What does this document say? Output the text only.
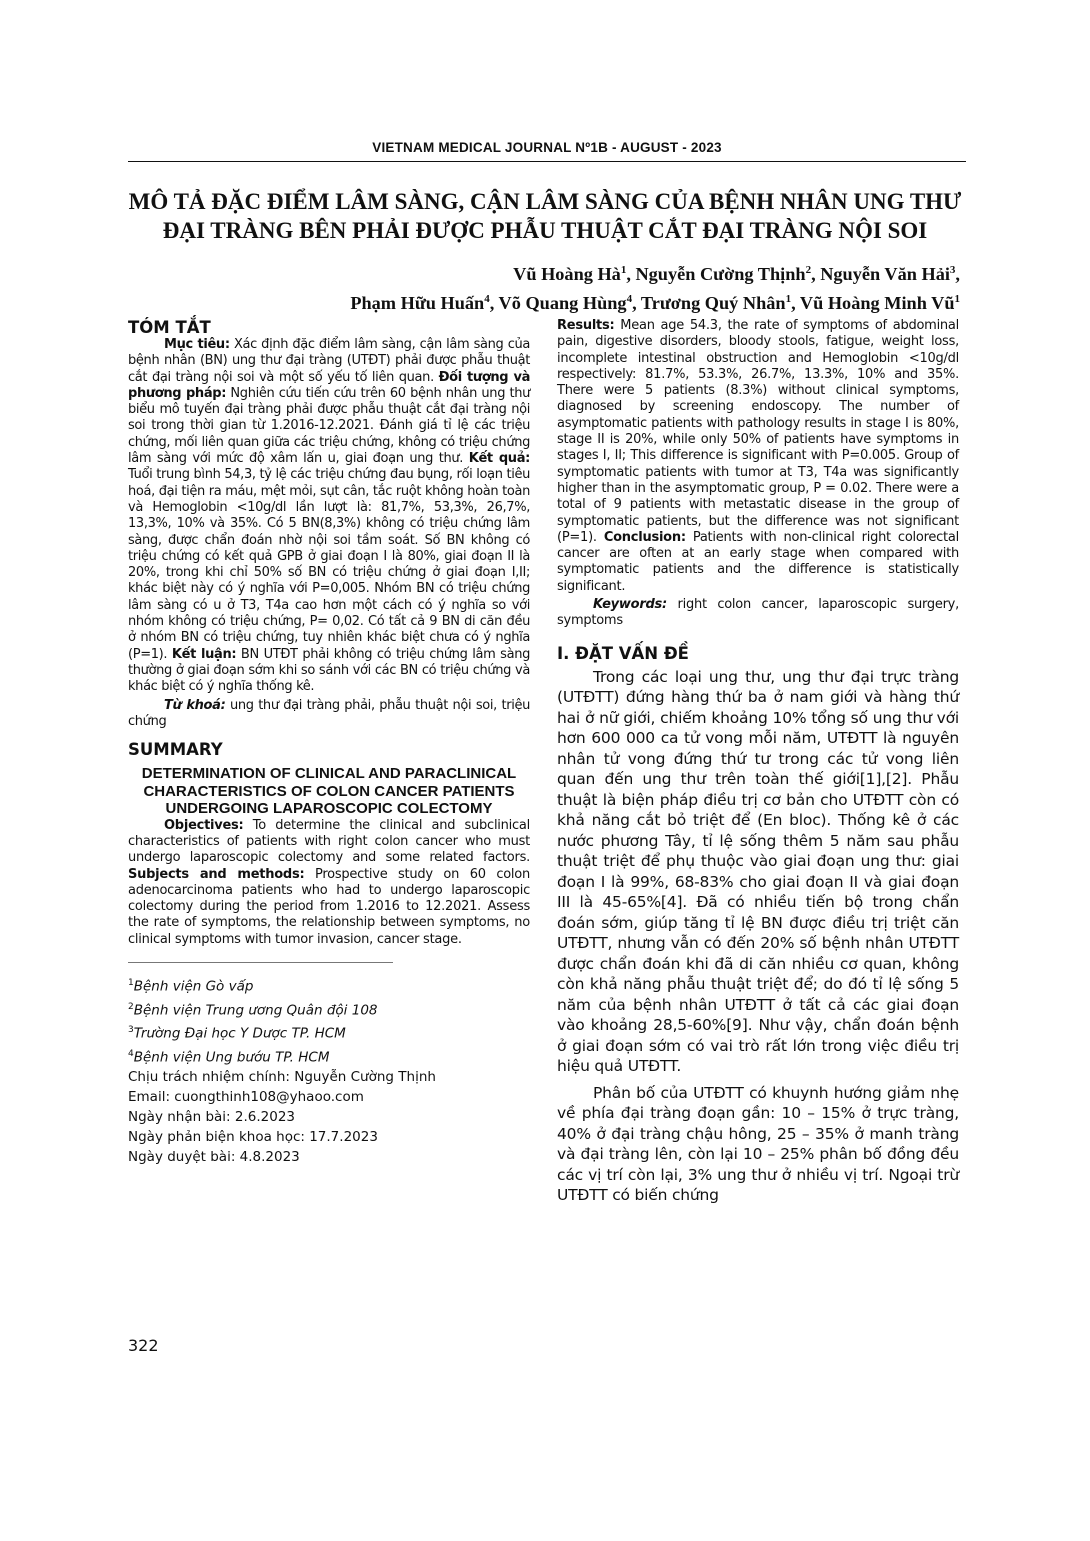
VIETNAM MEDICAL JOURNAL Nº1B - AUGUST - 2023
MÔ TẢ ĐẶC ĐIỂM LÂM SÀNG, CẬN LÂM SÀNG CỦA BỆNH NHÂN UNG THƯ
ĐẠI TRÀNG BÊN PHẢI ĐƯỢC PHẪU THUẬT CẮT ĐẠI TRÀNG NỘI SOI
Vũ Hoàng $Hà^1$, Nguyễn Cường Thịnh$^2$, Nguyễn Văn Hải$^3$,
Phạm Hữu Huấn$^4$, Võ Quang Hùng$^4$, Trương Quý Nhân$^1$, Vũ Hoàng Minh $Vũ^1$
TÓM TẮT

Mục tiêu: Xác định đặc điểm lâm sàng, cận lâm sàng của bệnh nhân (BN) ung thư đại tràng (UTĐT) phải được phẫu thuật cắt đại tràng nội soi và một số yếu tố liên quan. Đối tượng và phương pháp: Nghiên cứu tiến cứu trên 60 bệnh nhân ung thư biểu mô tuyến đại tràng phải được phẫu thuật cắt đại tràng nội soi trong thời gian từ 1.2016-12.2021. Đánh giá tỉ lệ các triệu chứng, mối liên quan giữa các triệu chứng, không có triệu chứng lâm sàng với mức độ xâm lấn u, giai đoạn ung thư. Kết quả: Tuổi trung bình 54,3, tỷ lệ các triệu chứng đau bụng, rối loạn tiêu hoá, đại tiện ra máu, mệt mỏi, sụt cân, tắc ruột không hoàn toàn và Hemoglobin <10g/dl lần lượt là: 81,7%, 53,3%, 26,7%, 13,3%, 10% và 35%. Có 5 BN(8,3%) không có triệu chứng lâm sàng, được chẩn đoán nhờ nội soi tầm soát. Số BN không có triệu chứng có kết quả GPB ở giai đoạn I là 80%, giai đoạn II là 20%, trong khi chỉ 50% số BN có triệu chứng ở giai đoạn I,II; khác biệt này có ý nghĩa với P=0,005. Nhóm BN có triệu chứng lâm sàng có u ở T3, T4a cao hơn một cách có ý nghĩa so với nhóm không có triệu chứng, P= 0,02. Có tất cả 9 BN di căn đều ở nhóm BN có triệu chứng, tuy nhiên khác biệt chưa có ý nghĩa (P=1). Kết luận: BN UTĐT phải không có triệu chứng lâm sàng thường ở giai đoạn sớm khi so sánh với các BN có triệu chứng và khác biệt có ý nghĩa thống kê.

Từ khoá: ung thư đại tràng phải, phẫu thuật nội soi, triệu chứng

SUMMARY
DETERMINATION OF CLINICAL AND PARACLINICAL CHARACTERISTICS OF COLON CANCER PATIENTS UNDERGOING LAPAROSCOPIC COLECTOMY

Objectives: To determine the clinical and subclinical characteristics of patients with right colon cancer who must undergo laparoscopic colectomy and some related factors. Subjects and methods: Prospective study on 60 colon adenocarcinoma patients who had to undergo laparoscopic colectomy during the period from 1.2016 to 12.2021. Assess the rate of symptoms, the relationship between symptoms, no clinical symptoms with tumor invasion, cancer stage.

$^1$Bệnh viện Gò vấp

$^2$Bệnh viện Trung ương Quân đội 108

$^3$Trường Đại học Y Dược TP. HCM

$^4$Bệnh viện Ung bướu TP. HCM

Chịu trách nhiệm chính: Nguyễn Cường Thịnh

Email: cuongthinh108@yhaoo.com

Ngày nhận bài: 2.6.2023

Ngày phản biện khoa học: 17.7.2023

Ngày duyệt bài: 4.8.2023

Results: Mean age 54.3, the rate of symptoms of abdominal pain, digestive disorders, bloody stools, fatigue, weight loss, incomplete intestinal obstruction and Hemoglobin <10g/dl respectively: 81.7%, 53.3%, 26.7%, 13.3%, 10% and 35%. There were 5 patients (8.3%) without clinical symptoms, diagnosed by screening endoscopy. The number of asymptomatic patients with pathology results in stage I is 80%, stage II is 20%, while only 50% of patients have symptoms in stages I, II; This difference is significant with P=0.005. Group of symptomatic patients with tumor at T3, T4a was significantly higher than in the asymptomatic group, P = 0.02. There were a total of 9 patients with metastatic disease in the group of symptomatic patients, but the difference was not significant (P=1). Conclusion: Patients with non-clinical right colorectal cancer are often at an early stage when compared with symptomatic patients and the difference is statistically significant.

Keywords: right colon cancer, laparoscopic surgery, symptoms

I. ĐẶT VẤN ĐỀ

Trong các loại ung thư, ung thư đại trực tràng (UTĐTT) đứng hàng thứ ba ở nam giới và hàng thứ hai ở nữ giới, chiếm khoảng 10% tổng số ung thư với hơn 600 000 ca tử vong mỗi năm, UTĐTT là nguyên nhân tử vong đứng thứ tư trong các tử vong liên quan đến ung thư trên toàn thế giới[1],[2]. Phẫu thuật là biện pháp điều trị cơ bản cho UTĐTT còn có khả năng cắt bỏ triệt để (En bloc). Thống kê ở các nước phương Tây, tỉ lệ sống thêm 5 năm sau phẫu thuật triệt để phụ thuộc vào giai đoạn ung thư: giai đoạn I là 99%, 68-83% cho giai đoạn II và giai đoạn III là 45-65%[4]. Đã có nhiều tiến bộ trong chẩn đoán sớm, giúp tăng tỉ lệ BN được điều trị triệt căn UTĐTT, nhưng vẫn có đến 20% số bệnh nhân UTĐTT được chẩn đoán khi đã di căn nhiều cơ quan, không còn khả năng phẫu thuật triệt để; do đó tỉ lệ sống 5 năm của bệnh nhân UTĐTT ở tất cả các giai đoạn vào khoảng 28,5-60%[9]. Như vậy, chẩn đoán bệnh ở giai đoạn sớm có vai trò rất lớn trong việc điều trị hiệu quả UTĐTT.

Phân bố của UTĐTT có khuynh hướng giảm nhẹ về phía đại tràng đoạn gần: 10 – 15% ở trực tràng, 40% ở đại tràng chậu hông, 25 – 35% ở manh tràng và đại tràng lên, còn lại 10 – 25% phân bố đồng đều các vị trí còn lại, 3% ung thư ở nhiều vị trí. Ngoại trừ UTĐTT có biến chứng

322
